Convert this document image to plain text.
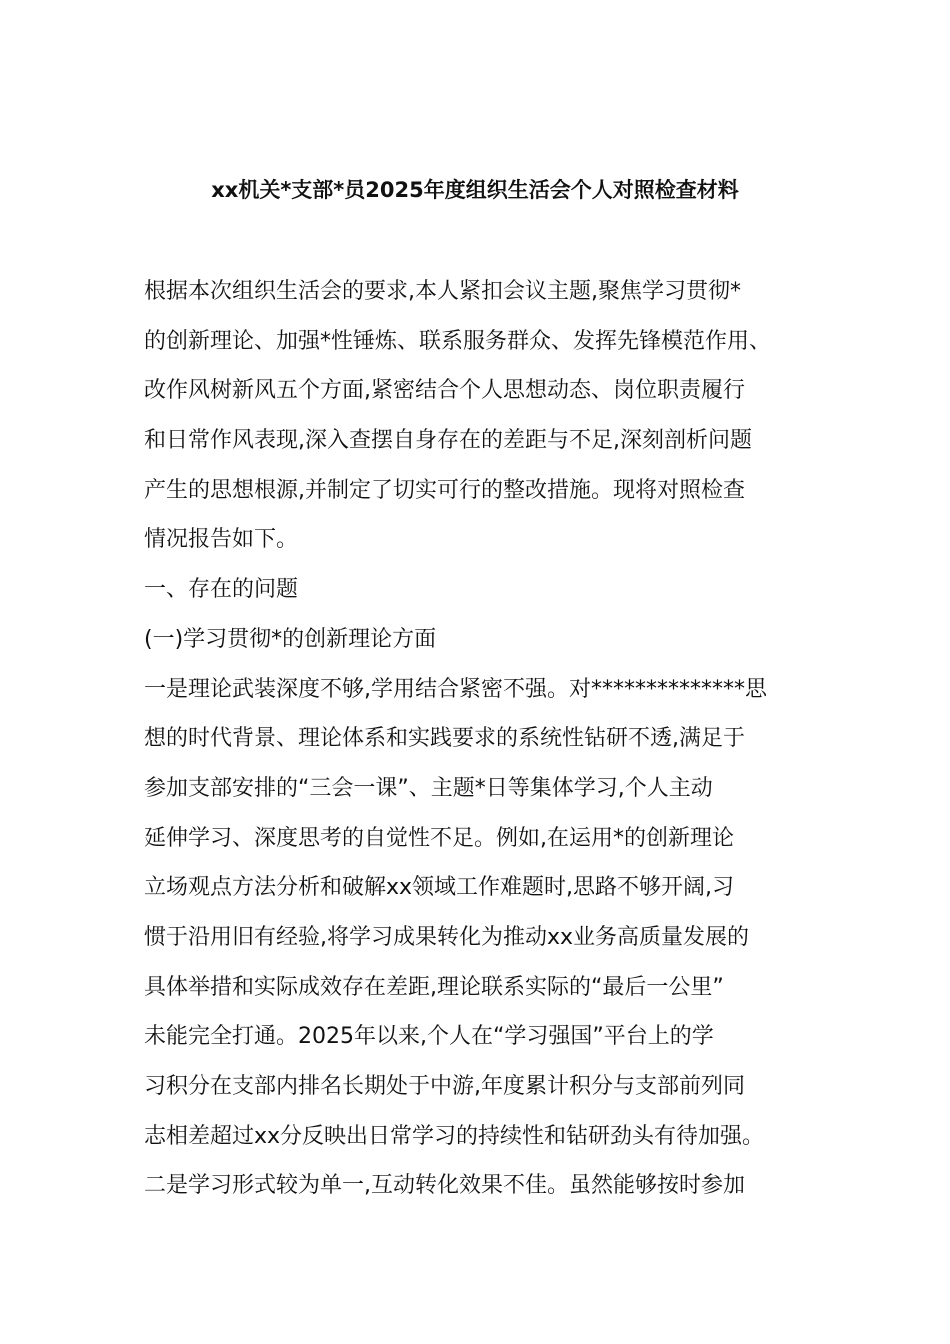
xx机关*支部*员2025年度组织生活会个人对照检查材料
根据本次组织生活会的要求,本人紧扣会议主题,聚焦学习贯彻*
的创新理论、加强*性锤炼、联系服务群众、发挥先锋模范作用、
改作风树新风五个方面,紧密结合个人思想动态、岗位职责履行
和日常作风表现,深入查摆自身存在的差距与不足,深刻剖析问题
产生的思想根源,并制定了切实可行的整改措施。现将对照检查
情况报告如下。
一、存在的问题
(一)学习贯彻*的创新理论方面
一是理论武装深度不够,学用结合紧密不强。对**************思
想的时代背景、理论体系和实践要求的系统性钻研不透,满足于
参加支部安排的“三会一课”、主题*日等集体学习,个人主动
延伸学习、深度思考的自觉性不足。例如,在运用*的创新理论
立场观点方法分析和破解xx领域工作难题时,思路不够开阔,习
惯于沿用旧有经验,将学习成果转化为推动xx业务高质量发展的
具体举措和实际成效存在差距,理论联系实际的“最后一公里”
未能完全打通。2025年以来,个人在“学习强国”平台上的学
习积分在支部内排名长期处于中游,年度累计积分与支部前列同
志相差超过xx分反映出日常学习的持续性和钻研劲头有待加强。
二是学习形式较为单一,互动转化效果不佳。虽然能够按时参加
